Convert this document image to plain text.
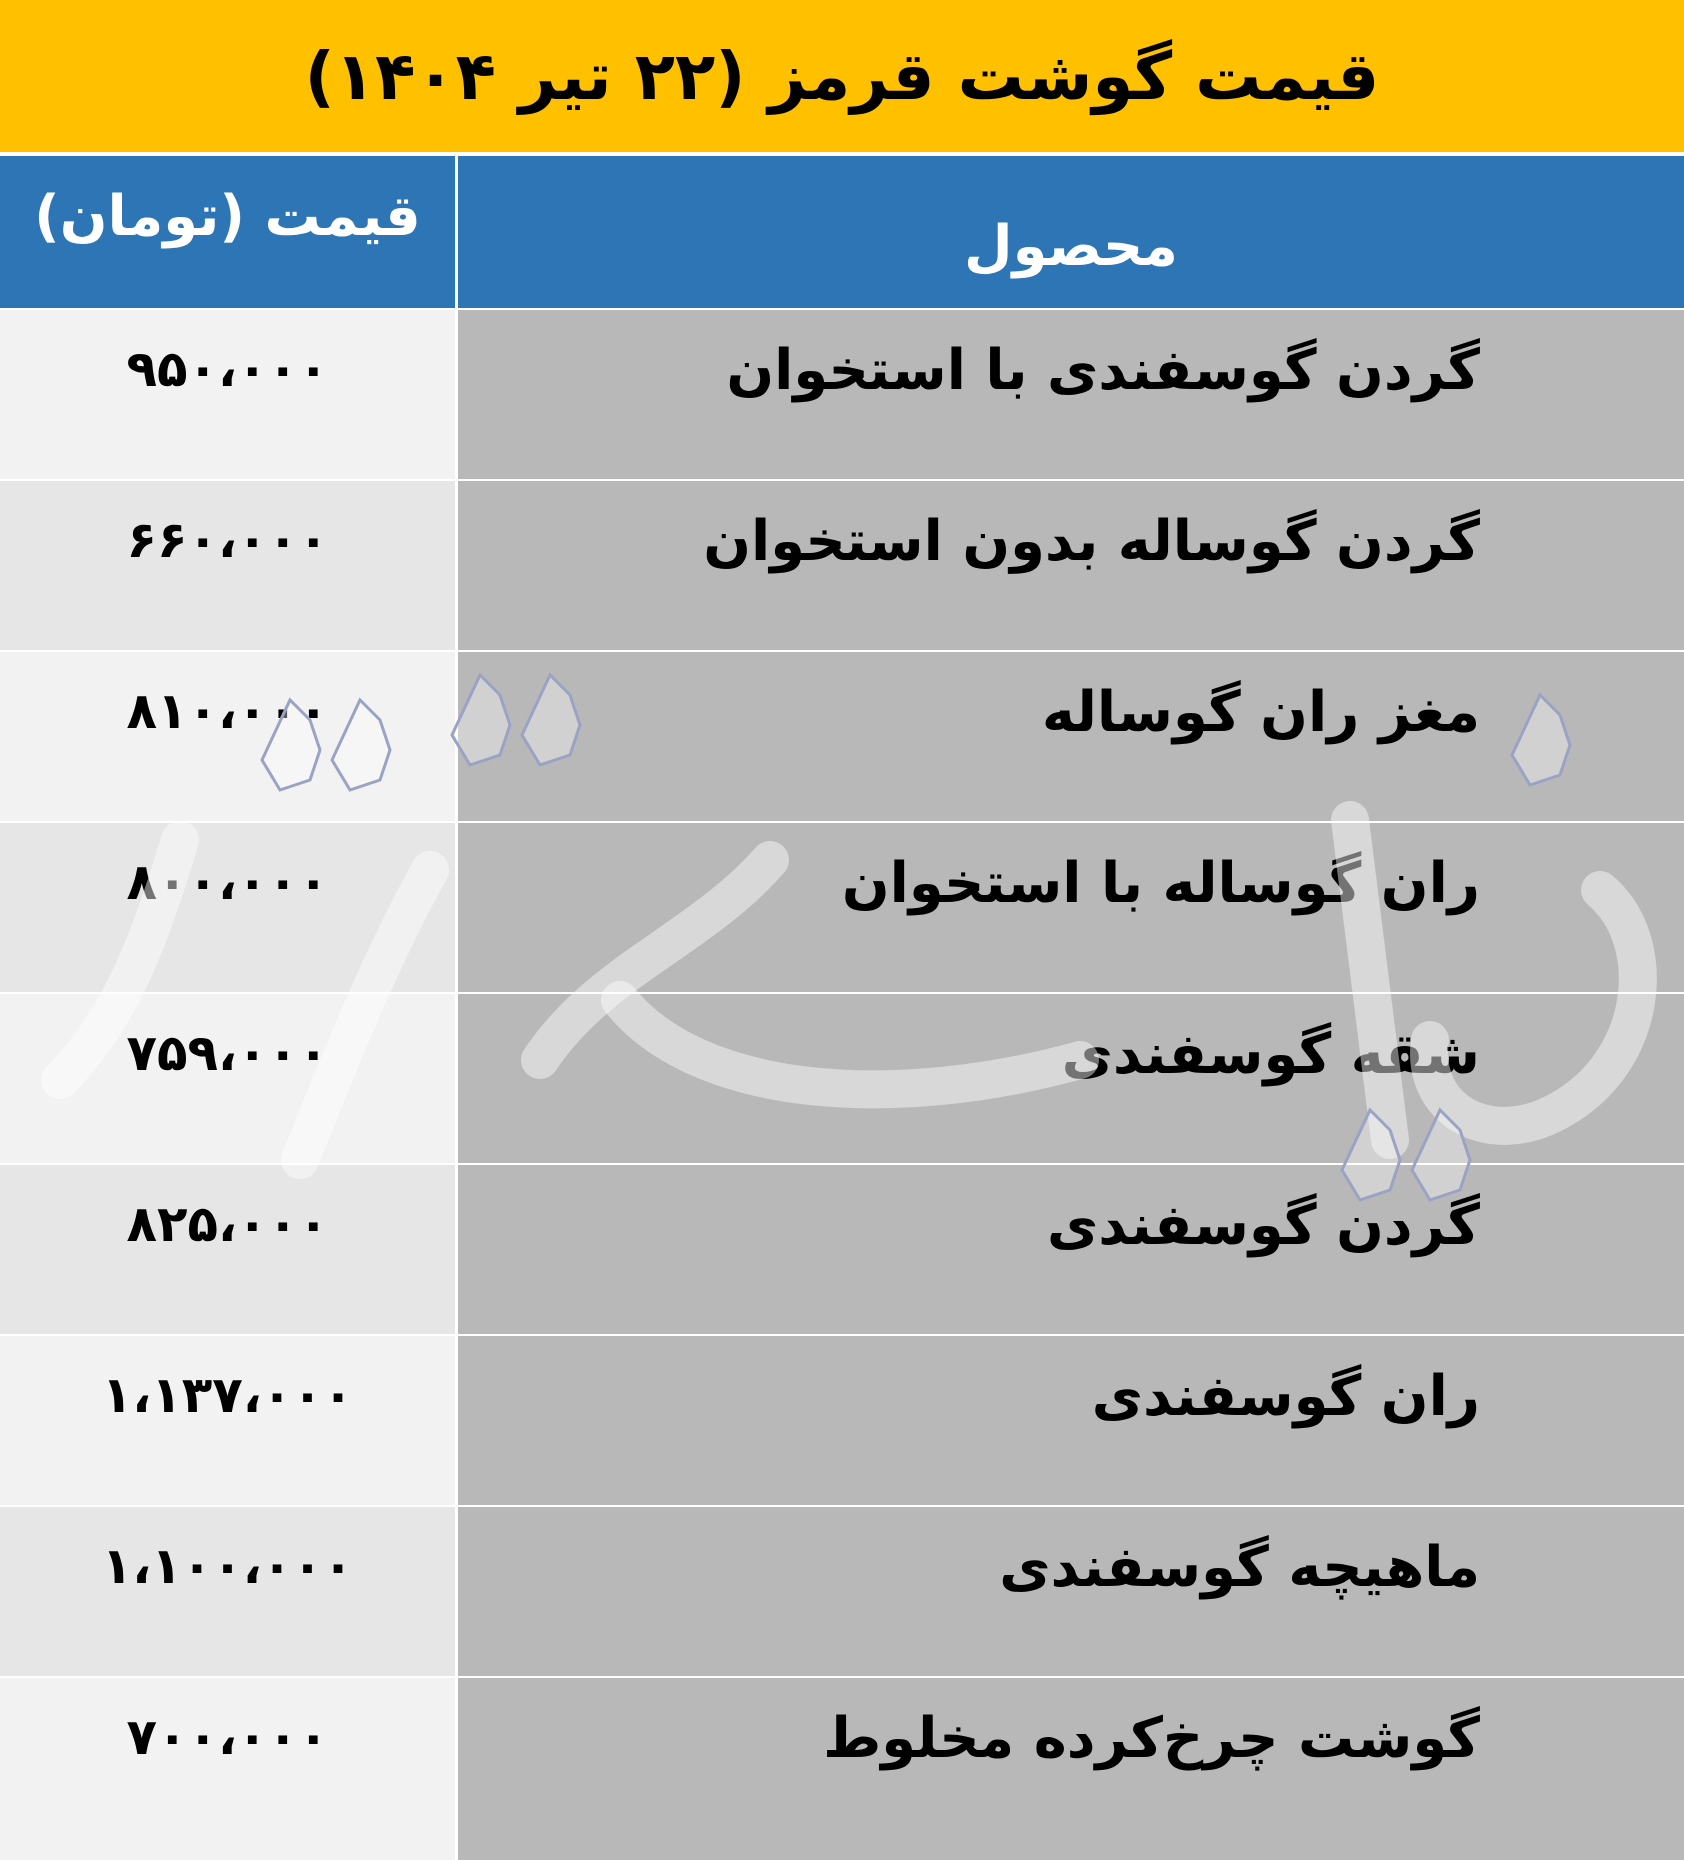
قیمت گوشت قرمز (۲۲ تیر ۱۴۰۴)
قیمت (تومان)	محصول
۹۵۰،۰۰۰	گردن گوسفندی با استخوان
۶۶۰،۰۰۰	گردن گوساله بدون استخوان
۸۱۰،۰۰۰	مغز ران گوساله
۸۰۰،۰۰۰	ران گوساله با استخوان
۷۵۹،۰۰۰	شقه گوسفندی
۸۲۵،۰۰۰	گردن گوسفندی
۱،۱۳۷،۰۰۰	ران گوسفندی
۱،۱۰۰،۰۰۰	ماهیچه گوسفندی
۷۰۰،۰۰۰	گوشت چرخ‌کرده مخلوط
